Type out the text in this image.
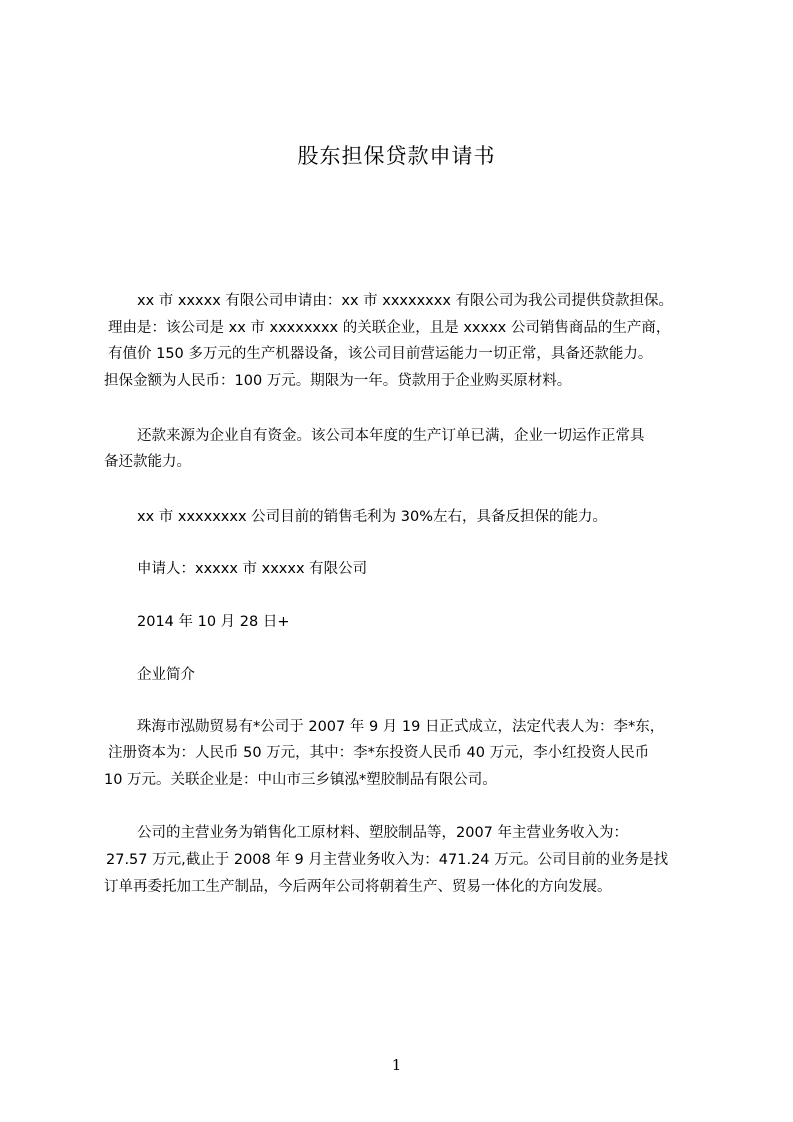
股东担保贷款申请书
xx 市 xxxxx 有限公司申请由：xx 市 xxxxxxxx 有限公司为我公司提供贷款担保。
理由是：该公司是 xx 市 xxxxxxxx 的关联企业，且是 xxxxx 公司销售商品的生产商，
有值价 150 多万元的生产机器设备，该公司目前营运能力一切正常，具备还款能力。
担保金额为人民币：100 万元。期限为一年。贷款用于企业购买原材料。
还款来源为企业自有资金。该公司本年度的生产订单已满，企业一切运作正常具
备还款能力。
xx 市 xxxxxxxx 公司目前的销售毛利为 30%左右，具备反担保的能力。
申请人：xxxxx 市 xxxxx 有限公司
2014 年 10 月 28 日+
企业简介
珠海市泓勋贸易有*公司于 2007 年 9 月 19 日正式成立，法定代表人为：李*东，
注册资本为：人民币 50 万元，其中：李*东投资人民币 40 万元，李小红投资人民币
10 万元。关联企业是：中山市三乡镇泓*塑胶制品有限公司。
公司的主营业务为销售化工原材料、塑胶制品等，2007 年主营业务收入为：
27.57 万元,截止于 2008 年 9 月主营业务收入为：471.24 万元。公司目前的业务是找
订单再委托加工生产制品，今后两年公司将朝着生产、贸易一体化的方向发展。
1
